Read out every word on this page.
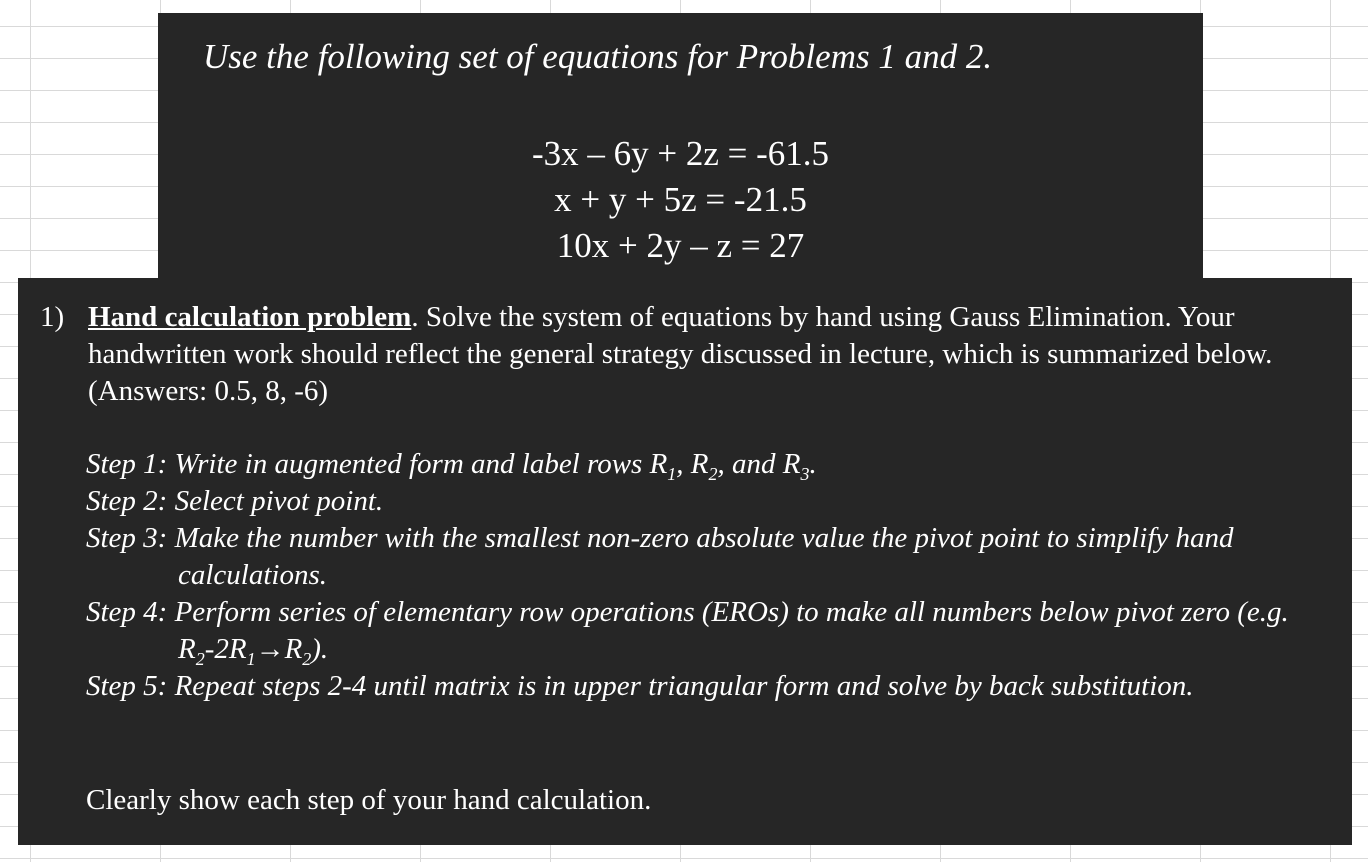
Use the following set of equations for Problems 1 and 2.
-3x – 6y + 2z = -61.5
x + y + 5z = -21.5
10x + 2y – z = 27
1) Hand calculation problem. Solve the system of equations by hand using Gauss Elimination. Your handwritten work should reflect the general strategy discussed in lecture, which is summarized below. (Answers: 0.5, 8, -6)
Step 1: Write in augmented form and label rows $R_1$, $R_2$, and $R_3$.
Step 2: Select pivot point.
Step 3: Make the number with the smallest non-zero absolute value the pivot point to simplify hand calculations.
Step 4: Perform series of elementary row operations (EROs) to make all numbers below pivot zero (e.g. $R_2-2R_1\to R_2$).
Step 5: Repeat steps 2-4 until matrix is in upper triangular form and solve by back substitution.
Clearly show each step of your hand calculation.
